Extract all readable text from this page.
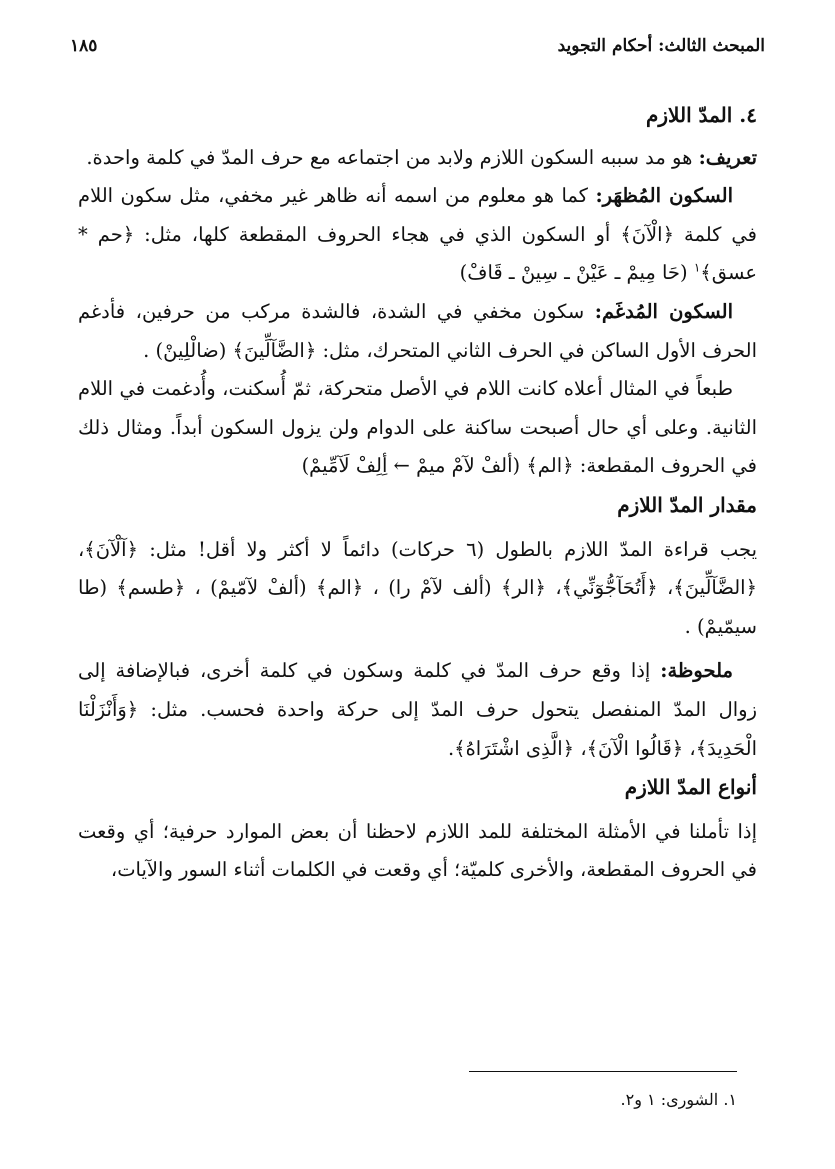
١٨٥	المبحث الثالث: أحكام التجويد

٤. المدّ اللازم

تعريف: هو مد سببه السكون اللازم ولابد من اجتماعه مع حرف المدّ في كلمة واحدة.

السكون المُظهَر: كما هو معلوم من اسمه أنه ظاهر غير مخفي، مثل سكون اللام في كلمة ﴿الْآنَ﴾ أو السكون الذي في هجاء الحروف المقطعة كلها، مثل: ﴿حم * عسق﴾$^١$ (حَا مِيمْ ـ عَيْنْ ـ سِينْ ـ قَافْ)

السكون المُدغَم: سكون مخفي في الشدة، فالشدة مركب من حرفين، فأدغم الحرف الأول الساكن في الحرف الثاني المتحرك، مثل: ﴿الضَّآلِّينَ﴾ (ضالْلِينْ) .

طبعاً في المثال أعلاه كانت اللام في الأصل متحركة، ثمّ أُسكنت، وأُدغمت في اللام الثانية. وعلى أي حال أصبحت ساكنة على الدوام ولن يزول السكون أبداً. ومثال ذلك في الحروف المقطعة: ﴿الم﴾ (ألفْ لآمْ ميمْ ← أِلِفْ لَآمِّيمْ)

مقدار المدّ اللازم

يجب قراءة المدّ اللازم بالطول (٦ حركات) دائماً لا أكثر ولا أقل! مثل: ﴿آلْآنَ﴾، ﴿الضَّآلِّينَ﴾، ﴿أَتُحَآجُّوٓنِّي﴾، ﴿الر﴾ (ألف لآمْ را) ، ﴿الم﴾ (ألفْ لآمّيمْ) ، ﴿طسم﴾ (طا سيمّيمْ) .

ملحوظة: إذا وقع حرف المدّ في كلمة وسكون في كلمة أخرى، فبالإضافة إلى زوال المدّ المنفصل يتحول حرف المدّ إلى حركة واحدة فحسب. مثل: ﴿وَأَنْزَلْنَا الْحَدِيدَ﴾، ﴿قَالُوا الْآنَ﴾، ﴿الَّذِى اشْتَرَاهُ﴾.

أنواع المدّ اللازم

إذا تأملنا في الأمثلة المختلفة للمد اللازم لاحظنا أن بعض الموارد حرفية؛ أي وقعت في الحروف المقطعة، والأخرى كلميّة؛ أي وقعت في الكلمات أثناء السور والآيات،

١. الشورى: ١ و٢.
